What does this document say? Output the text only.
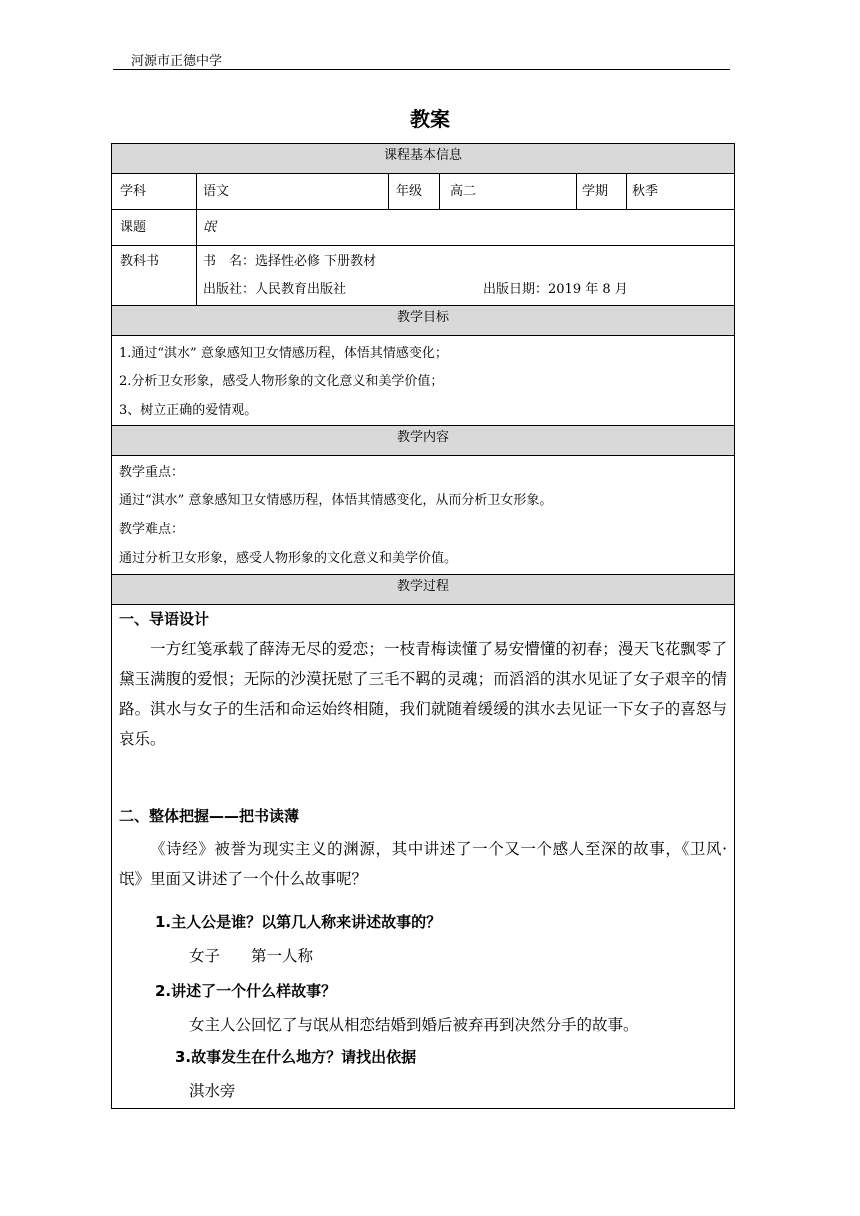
河源市正德中学
教案
课程基本信息
学科	语文	年级 高二	学期 秋季
课题	氓
教科书	书　名：选择性必修 下册教材
出版社：人民教育出版社	出版日期：2019 年 8 月
教学目标
1.通过“淇水” 意象感知卫女情感历程，体悟其情感变化；
2.分析卫女形象，感受人物形象的文化意义和美学价值；
3、树立正确的爱情观。
教学内容
教学重点：
通过“淇水” 意象感知卫女情感历程，体悟其情感变化，从而分析卫女形象。
教学难点：
通过分析卫女形象，感受人物形象的文化意义和美学价值。
教学过程
一、导语设计
一方红笺承载了薛涛无尽的爱恋；一枝青梅读懂了易安懵懂的初春；漫天飞花飘零了黛玉满腹的爱恨；无际的沙漠抚慰了三毛不羁的灵魂；而滔滔的淇水见证了女子艰辛的情路。淇水与女子的生活和命运始终相随，我们就随着缓缓的淇水去见证一下女子的喜怒与哀乐。
二、整体把握——把书读薄
《诗经》被誉为现实主义的渊源，其中讲述了一个又一个感人至深的故事，《卫风·氓》里面又讲述了一个什么故事呢？
1.主人公是谁？以第几人称来讲述故事的？
女子　　第一人称
2.讲述了一个什么样故事？
女主人公回忆了与氓从相恋结婚到婚后被弃再到决然分手的故事。
3.故事发生在什么地方？请找出依据
淇水旁
